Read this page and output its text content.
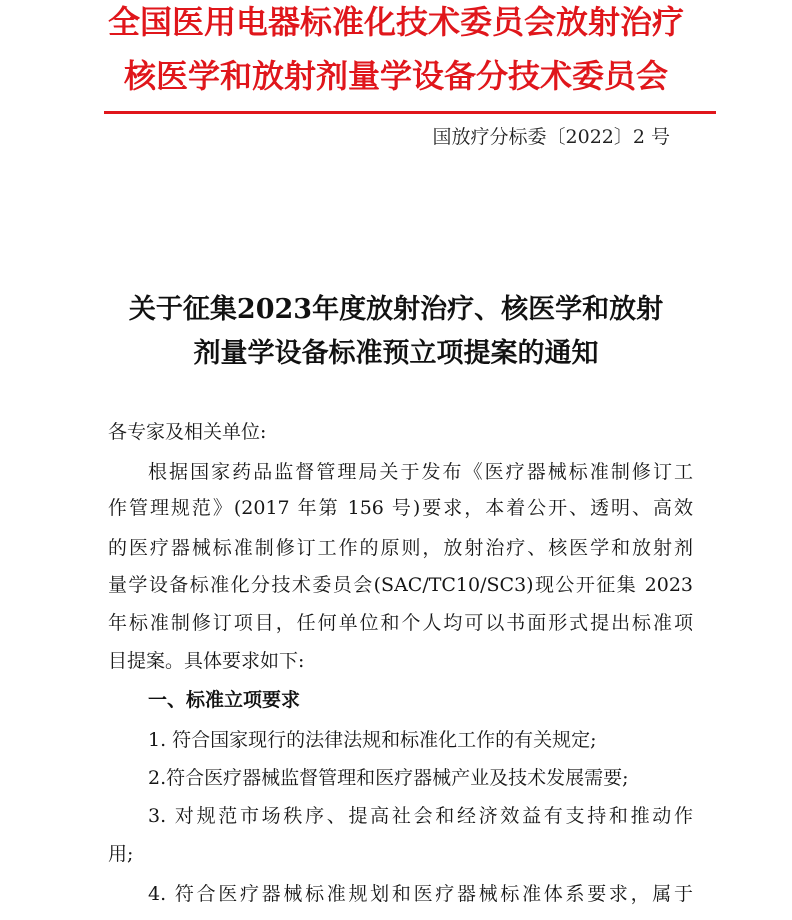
全国医用电器标准化技术委员会放射治疗
核医学和放射剂量学设备分技术委员会
国放疗分标委〔2022〕2 号
关于征集2023年度放射治疗、核医学和放射
剂量学设备标准预立项提案的通知
各专家及相关单位:
根据国家药品监督管理局关于发布《医疗器械标准制修订工
作管理规范》(2017 年第 156 号)要求，本着公开、透明、高效
的医疗器械标准制修订工作的原则，放射治疗、核医学和放射剂
量学设备标准化分技术委员会(SAC/TC10/SC3)现公开征集 2023
年标准制修订项目，任何单位和个人均可以书面形式提出标准项
目提案。具体要求如下:
一、标准立项要求
1. 符合国家现行的法律法规和标准化工作的有关规定;
2.符合医疗器械监督管理和医疗器械产业及技术发展需要;
3. 对规范市场秩序、提高社会和经济效益有支持和推动作
用;
4. 符合医疗器械标准规划和医疗器械标准体系要求，属于
